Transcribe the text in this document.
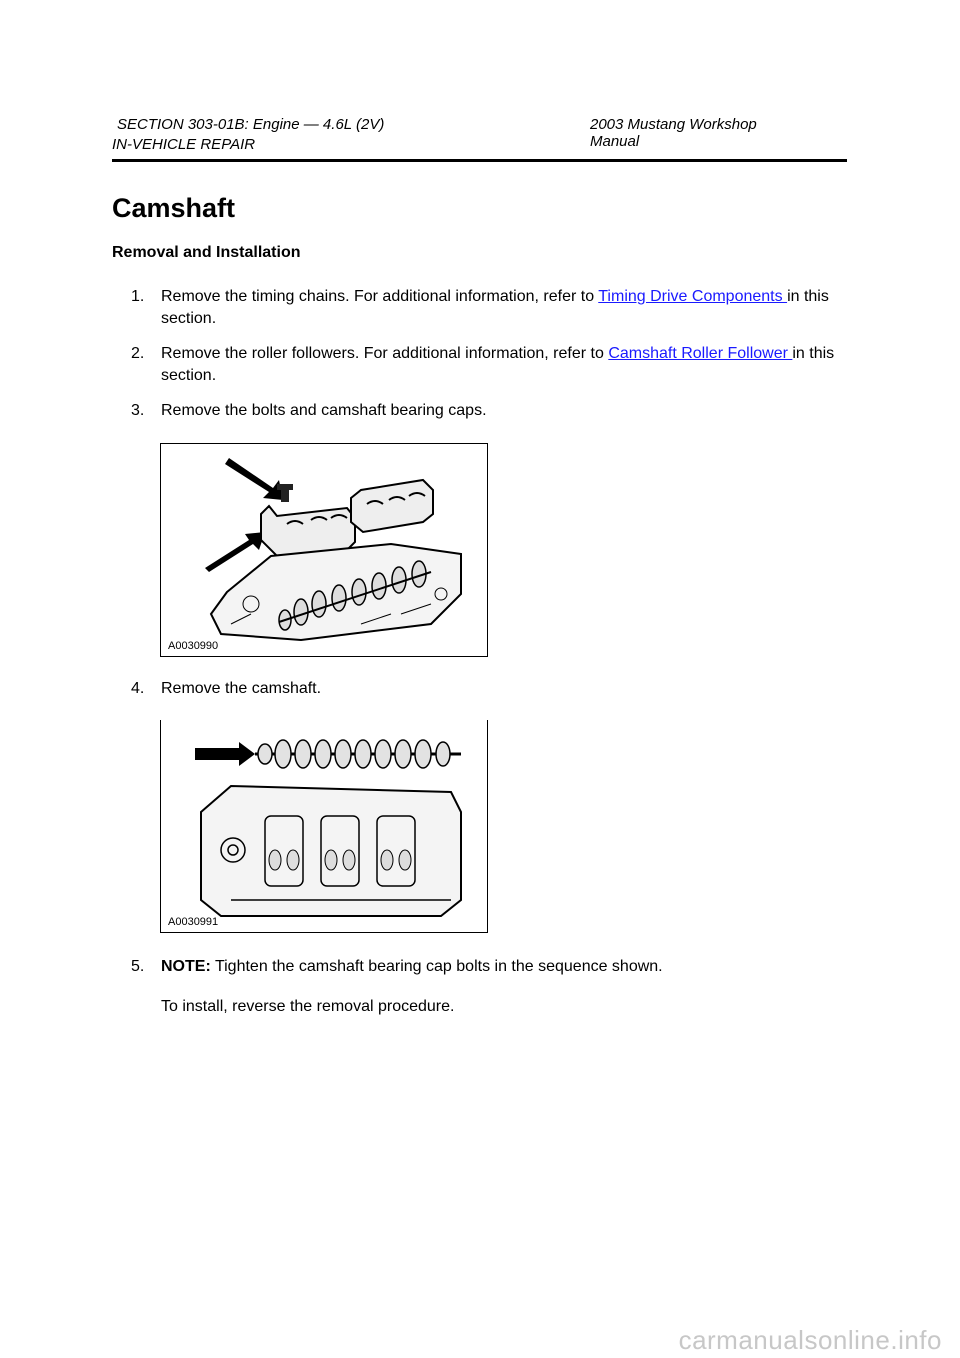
SECTION 303-01B: Engine — 4.6L (2V)	2003 Mustang Workshop Manual
IN-VEHICLE REPAIR
Camshaft
Removal and Installation
1.	Remove the timing chains. For additional information, refer to Timing Drive Components in this section.
2.	Remove the roller followers. For additional information, refer to Camshaft Roller Follower in this section.
3.	Remove the bolts and camshaft bearing caps.
A0030990
4.	Remove the camshaft.
A0030991
5.	NOTE: Tighten the camshaft bearing cap bolts in the sequence shown.
To install, reverse the removal procedure.
carmanualsonline.info
